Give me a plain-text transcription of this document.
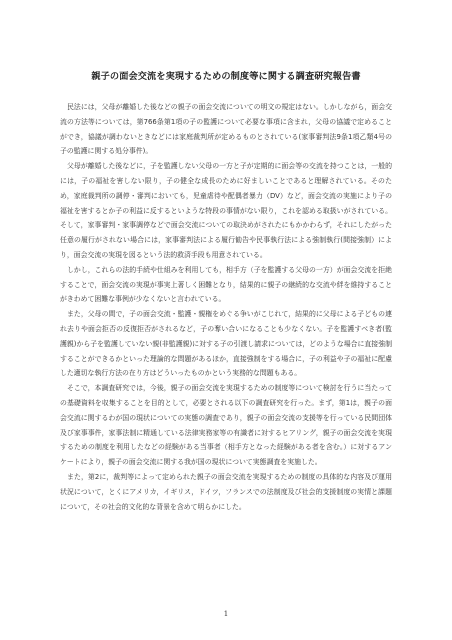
親子の面会交流を実現するための制度等に関する調査研究報告書

民法には，父母が離婚した後などの親子の面会交流についての明文の規定はない。しかしながら，面会交流の方法等については，第766条第1項の子の監護について必要な事項に含まれ，父母の協議で定めることができ，協議が調わないときなどには家庭裁判所が定めるものとされている(家事審判法9条1項乙類4号の子の監護に関する処分事件)。

父母が離婚した後などに，子を監護しない父母の一方と子が定期的に面会等の交流を持つことは，一般的には，子の福祉を害しない限り，子の健全な成長のために好ましいことであると理解されている。そのため，家庭裁判所の調停・審判においても，児童虐待や配偶者暴力（DV）など，面会交流の実施により子の福祉を害するとか子の利益に反するといような特段の事情がない限り，これを認める取扱いがされている。そして，家事審判・家事調停などで面会交流についての取決めがされたにもかかわらず，それにしたがった任意の履行がされない場合には，家事審判法による履行勧告や民事執行法による強制執行(間接強制）により，面会交流の実現を図るという法的救済手段も用意されている。

しかし，これらの法的手続や仕組みを利用しても，相手方（子を監護する父母の一方）が面会交流を拒絶することで，面会交流の実現が事実上著しく困難となり，結果的に親子の継続的な交流や絆を維持することがきわめて困難な事例が少なくないと言われている。

また，父母の間で，子の面会交流・監護・親権をめぐる争いがこじれて，結果的に父母による子どもの連れ去りや面会拒否の反復拒否がされるなど，子の奪い合いになることも少なくない。子を監護すべき者(監護親)から子を監護していない親(非監護親)に対する子の引渡し請求については，どのような場合に直接強制することができるかといった理論的な問題があるほか，直接強制をする場合に，子の利益や子の福祉に配慮した適切な執行方法の在り方はどういったものかという実務的な問題もある。

そこで，本調査研究では，今後，親子の面会交流を実現するための制度等について検討を行うに当たっての基礎資料を収集することを目的として，必要とされる以下の調査研究を行った。まず，第1は，親子の面会交流に関するわが国の現状についての実態の調査であり，親子の面会交流の支援等を行っている民間団体及び家事事件，家事法制に精通している法律実務家等の有識者に対するヒアリング，親子の面会交流を実現するための制度を利用したなどの経験がある当事者（相手方となった経験がある者を含む。）に対するアンケートにより，親子の面会交流に関する我が国の現状について実態調査を実施した。

また，第2に，裁判等によって定められた親子の面会交流を実現するための制度の具体的な内容及び運用状況について，とくにアメリカ，イギリス，ドイツ，フランスでの法制度及び社会的支援制度の実情と課題について，その社会的文化的な背景を含めて明らかにした。

1
